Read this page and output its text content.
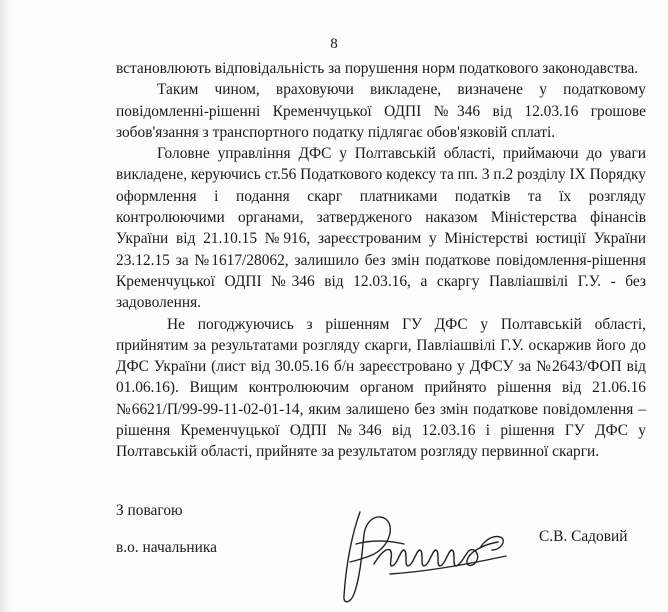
8

встановлюють відповідальність за порушення норм податкового законодавства.

Таким чином, враховуючи викладене, визначене у податковому повідомленні-рішенні Кременчуцької ОДПІ №346 від 12.03.16 грошове зобов'язання з транспортного податку підлягає обов'язковій сплаті.

Головне управління ДФС у Полтавській області, приймаючи до уваги викладене, керуючись ст.56 Податкового кодексу та пп. 3 п.2 розділу IX Порядку оформлення і подання скарг платниками податків та їх розгляду контролюючими органами, затвердженого наказом Міністерства фінансів України від 21.10.15 №916, зареєстрованим у Міністерстві юстиції України 23.12.15 за №1617/28062, залишило без змін податкове повідомлення-рішення Кременчуцької ОДПІ №346 від 12.03.16, а скаргу Павліашвілі Г.У. - без задоволення.

Не погоджуючись з рішенням ГУ ДФС у Полтавській області, прийнятим за результатами розгляду скарги, Павліашвілі Г.У. оскаржив його до ДФС України (лист від 30.05.16 б/н зареєстровано у ДФСУ за №2643/ФОП від 01.06.16). Вищим контролюючим органом прийнято рішення від 21.06.16 №6621/П/99-99-11-02-01-14, яким залишено без змін податкове повідомлення – рішення Кременчуцької ОДПІ №346 від 12.03.16 і рішення ГУ ДФС у Полтавській області, прийняте за результатом розгляду первинної скарги.

З повагою
в.о. начальника
С.В. Садовий
